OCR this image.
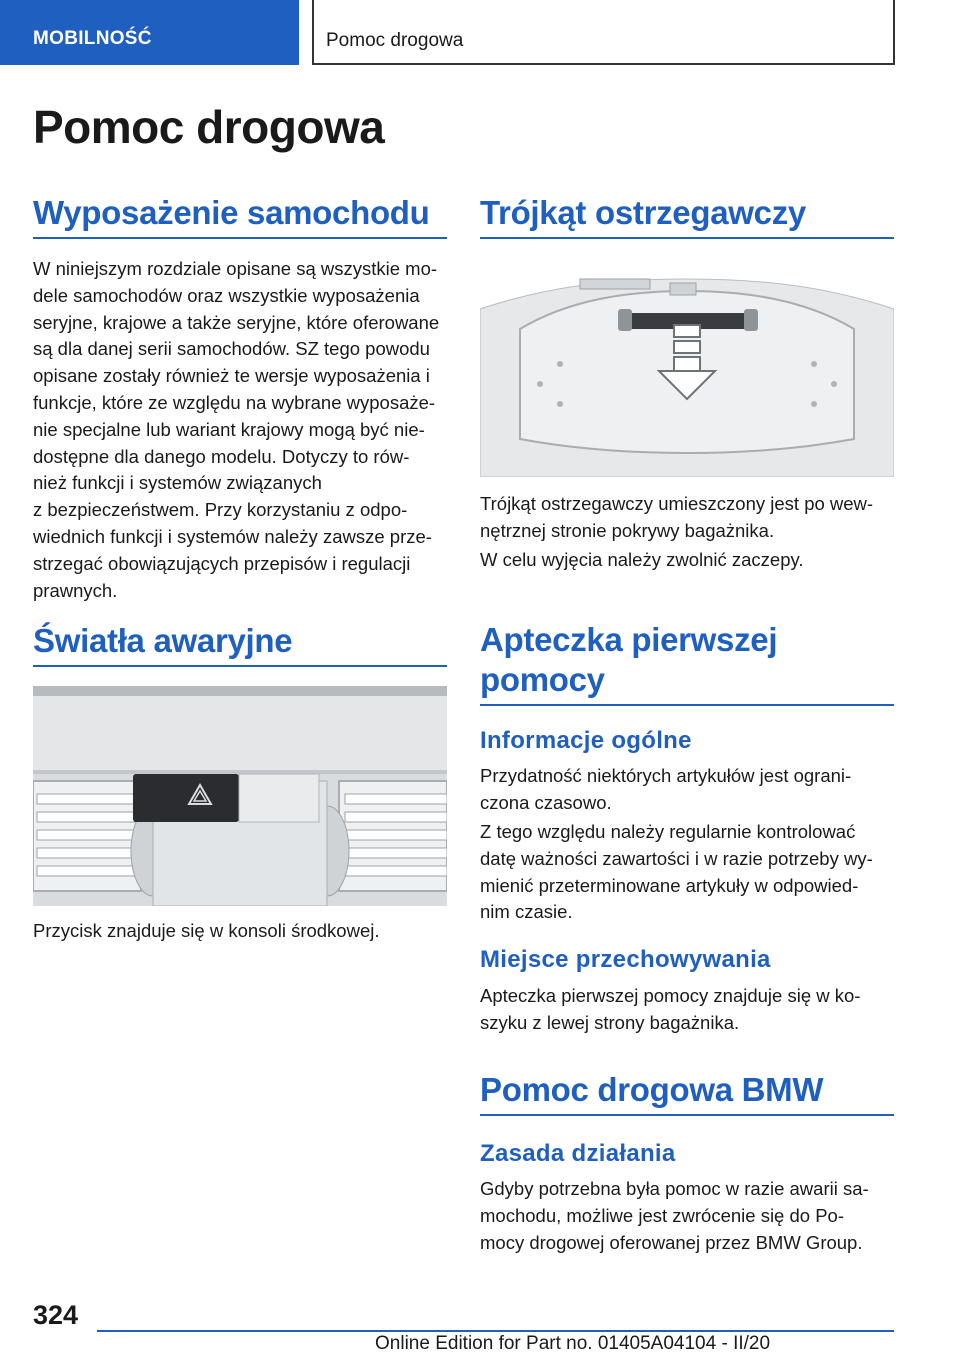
MOBILNOŚĆ	Pomoc drogowa
Pomoc drogowa
Wyposażenie samochodu
W niniejszym rozdziale opisane są wszystkie mo‐
dele samochodów oraz wszystkie wyposażenia
seryjne, krajowe a także seryjne, które oferowane
są dla danej serii samochodów. SZ tego powodu
opisane zostały również te wersje wyposażenia i
funkcje, które ze względu na wybrane wyposaże‐
nie specjalne lub wariant krajowy mogą być nie‐
dostępne dla danego modelu. Dotyczy to rów‐
nież funkcji i systemów związanych
z bezpieczeństwem. Przy korzystaniu z odpo‐
wiednich funkcji i systemów należy zawsze prze‐
strzegać obowiązujących przepisów i regulacji
prawnych.
Światła awaryjne
Przycisk znajduje się w konsoli środkowej.
Trójkąt ostrzegawczy
Trójkąt ostrzegawczy umieszczony jest po wew‐
nętrznej stronie pokrywy bagażnika.
W celu wyjęcia należy zwolnić zaczepy.
Apteczka pierwszej
pomocy
Informacje ogólne
Przydatność niektórych artykułów jest ograni‐
czona czasowo.
Z tego względu należy regularnie kontrolować
datę ważności zawartości i w razie potrzeby wy‐
mienić przeterminowane artykuły w odpowied‐
nim czasie.
Miejsce przechowywania
Apteczka pierwszej pomocy znajduje się w ko‐
szyku z lewej strony bagażnika.
Pomoc drogowa BMW
Zasada działania
Gdyby potrzebna była pomoc w razie awarii sa‐
mochodu, możliwe jest zwrócenie się do Po‐
mocy drogowej oferowanej przez BMW Group.
324
Online Edition for Part no. 01405A04104 - II/20
